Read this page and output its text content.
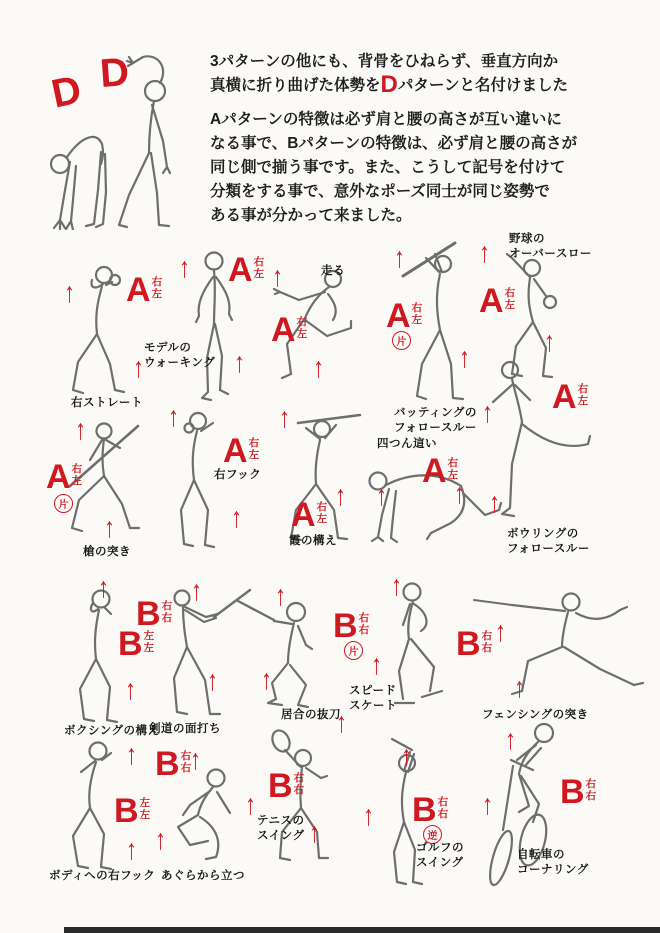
3パターンの他にも、背骨をひねらず、垂直方向か
真横に折り曲げた体勢をDパターンと名付けました
Aパターンの特徴は必ず肩と腰の高さが互い違いに
なる事で、Bパターンの特徴は、必ず肩と腰の高さが
同じ側で揃う事です。また、こうして記号を付けて
分類をする事で、意外なポーズ同士が同じ姿勢で
ある事が分かって来ました。
D D
A 右
左
右ストレート
A 右
左
モデルの
ウォーキング
A 右
左
走る
A 右
左
片
バッティングの
フォロースルー
A 右
左
野球の
オーバースロー
A 右
左
ボウリングの
フォロースルー
A 右
左
片
槍の突き
A 右
左
右フック
A 右
左
霞の構え
A 右
左
四つん這い
B 左
左
ボクシングの構え
B 右
右
剣道の面打ち
居合の抜刀
B 右
右
片
スピード
スケート
B 右
右
フェンシングの突き
B 左
左
ボディへの右フック
B 右
右
あぐらから立つ
B 右
右
テニスの
スイング
B 右
右
逆
ゴルフの
スイング
B 右
右
自転車の
コーナリング
↑
↑
↑
↑
↑
↑
↑
↑
↑
↑
↑
↑
↑
↑
↑
↑
↑
↑ ↑	↑
↑
↑
↑
↑
↑
↑
↑
↑
↑
↑
↑
↑
↑
↑
↑
↑
↑
↑
↑
↑
↑
